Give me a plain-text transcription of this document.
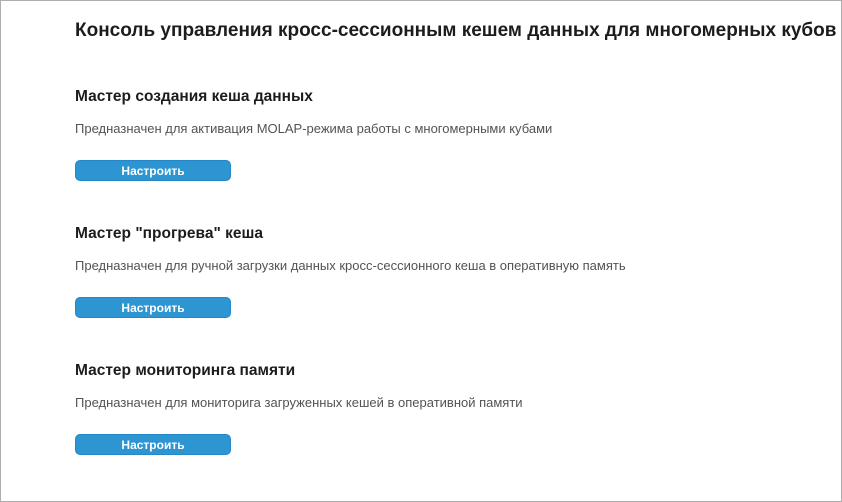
Консоль управления кросс-сессионным кешем данных для многомерных кубов
Мастер создания кеша данных

Предназначен для активация MOLAP-режима работы с многомерными кубами

Настроить
Мастер "прогрева" кеша

Предназначен для ручной загрузки данных кросс-сессионного кеша в оперативную память

Настроить
Мастер мониторинга памяти

Предназначен для мониторига загруженных кешей в оперативной памяти

Настроить
